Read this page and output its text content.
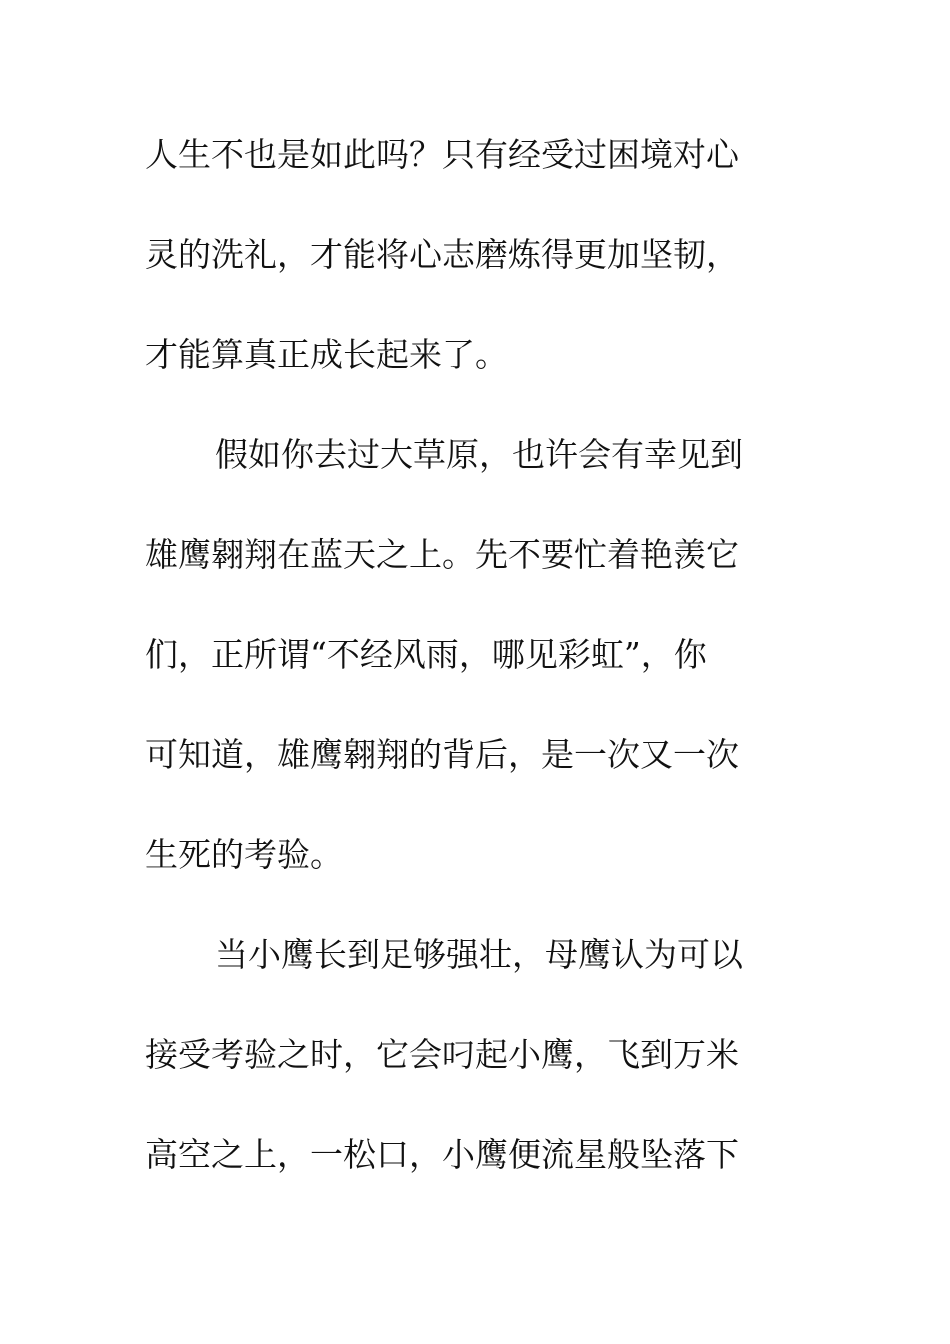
人生不也是如此吗？只有经受过困境对心
灵的洗礼，才能将心志磨炼得更加坚韧，
才能算真正成长起来了。
假如你去过大草原，也许会有幸见到
雄鹰翱翔在蓝天之上。先不要忙着艳羡它
们，正所谓“不经风雨，哪见彩虹”，你
可知道，雄鹰翱翔的背后，是一次又一次
生死的考验。
当小鹰长到足够强壮，母鹰认为可以
接受考验之时，它会叼起小鹰，飞到万米
高空之上，一松口，小鹰便流星般坠落下
